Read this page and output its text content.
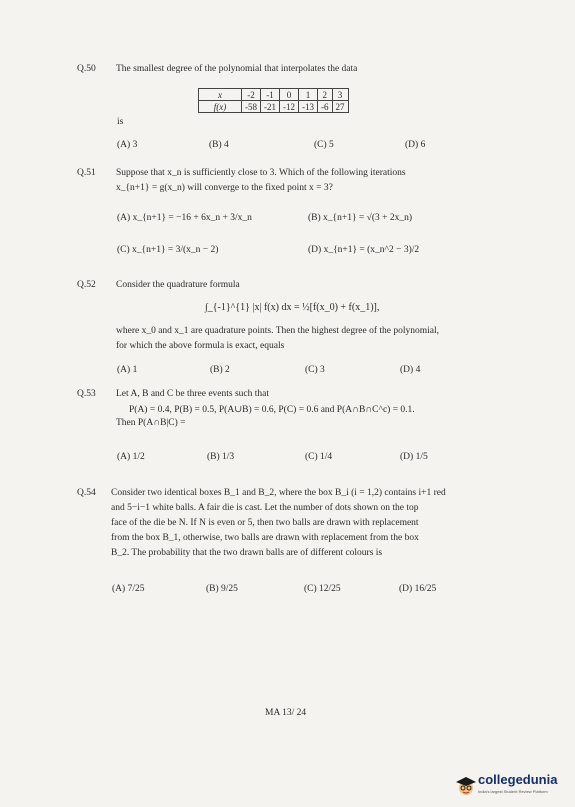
Q.50 The smallest degree of the polynomial that interpolates the data
x	-2	-1	0	1	2	3
f(x)	-58	-21	-12	-13	-6	27
is
(A) 3	(B) 4	(C) 5	(D) 6
Q.51 Suppose that x_n is sufficiently close to 3. Which of the following iterations
x_{n+1} = g(x_n) will converge to the fixed point x = 3?
(A) x_{n+1} = −16 + 6x_n + 3/x_n	(B) x_{n+1} = √(3 + 2x_n)
(C) x_{n+1} = 3/(x_n − 2)	(D) x_{n+1} = (x_n^2 − 3)/2
Q.52 Consider the quadrature formula
∫_{-1}^{1} |x| f(x) dx = ½[f(x_0) + f(x_1)],
where x_0 and x_1 are quadrature points. Then the highest degree of the polynomial,
for which the above formula is exact, equals
(A) 1	(B) 2	(C) 3	(D) 4
Q.53 Let A, B and C be three events such that
P(A) = 0.4, P(B) = 0.5, P(A∪B) = 0.6, P(C) = 0.6 and P(A∩B∩C^c) = 0.1.
Then P(A∩B|C) =
(A) 1/2	(B) 1/3	(C) 1/4	(D) 1/5
Q.54 Consider two identical boxes B_1 and B_2, where the box B_i (i = 1,2) contains i+1 red
and 5−i−1 white balls. A fair die is cast. Let the number of dots shown on the top
face of the die be N. If N is even or 5, then two balls are drawn with replacement
from the box B_1, otherwise, two balls are drawn with replacement from the box
B_2. The probability that the two drawn balls are of different colours is
(A) 7/25	(B) 9/25	(C) 12/25	(D) 16/25
MA 13/ 24
collegedunia
India's largest Student Review Platform
